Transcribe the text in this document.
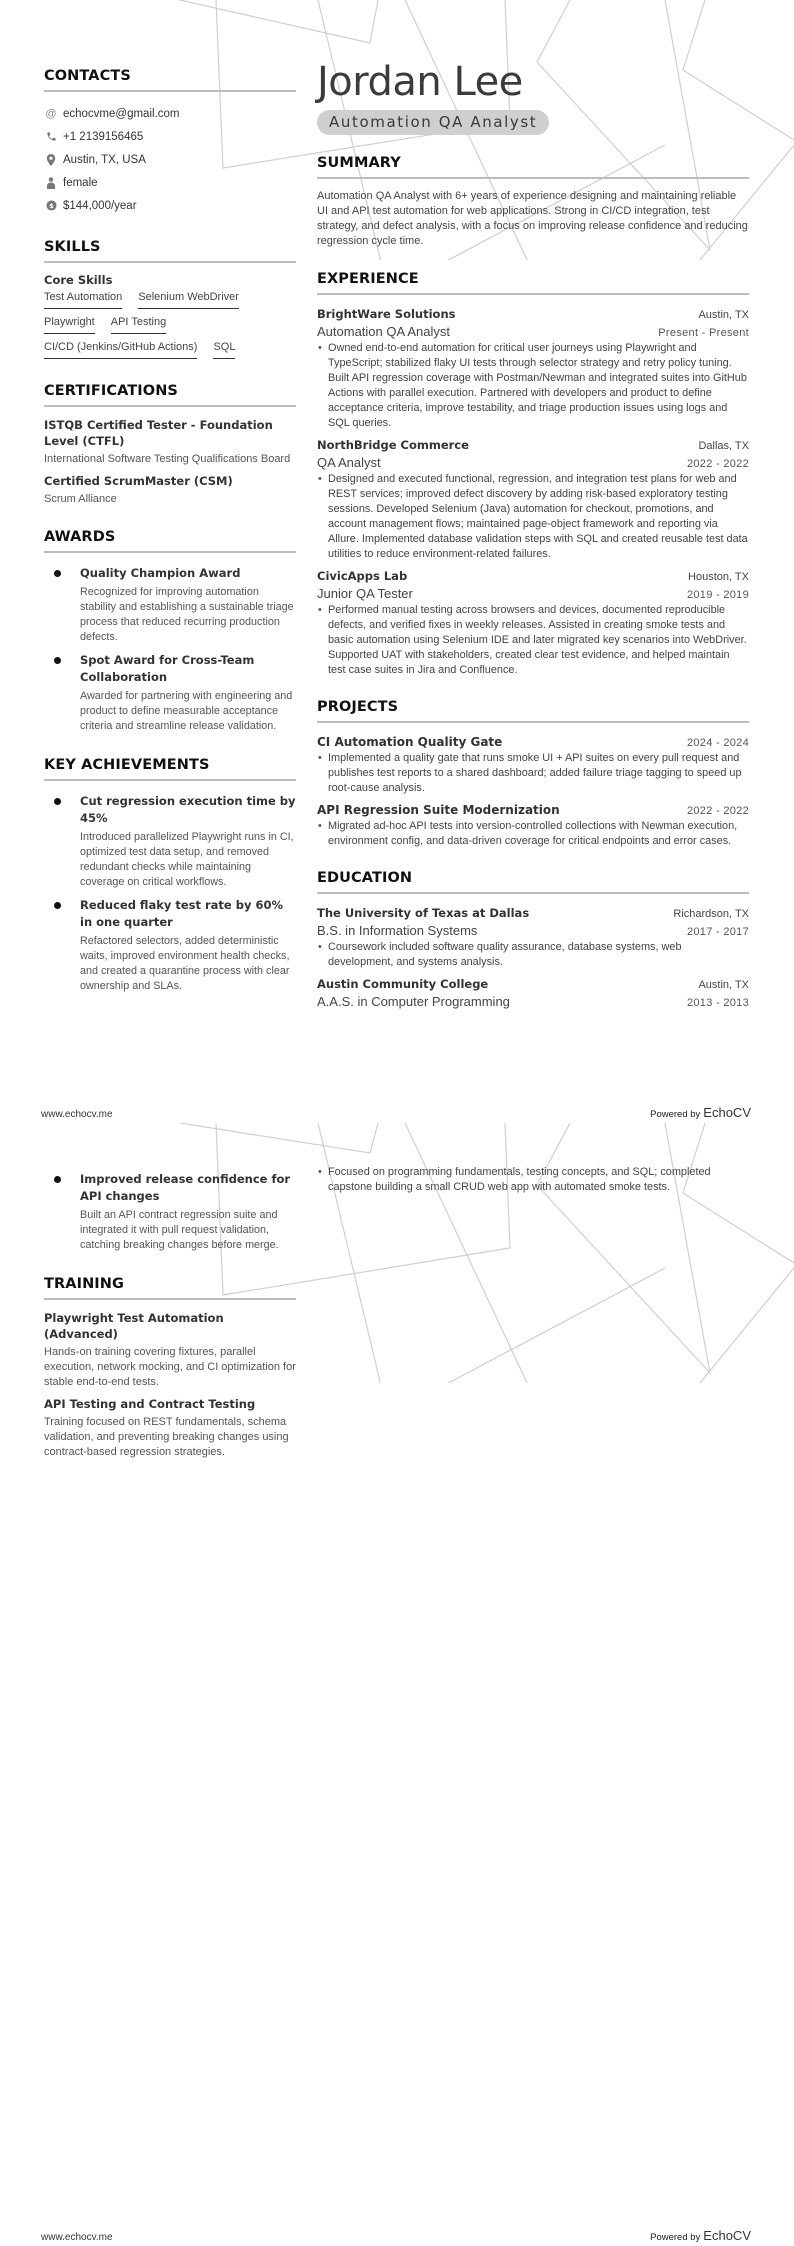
CONTACTS
@ echocvme@gmail.com
+1 2139156465
Austin, TX, USA
female
$ $144,000/year
SKILLS
Core Skills
Test Automation Selenium WebDriver
Playwright API Testing
CI/CD (Jenkins/GitHub Actions) SQL
CERTIFICATIONS
ISTQB Certified Tester - Foundation Level (CTFL)
International Software Testing Qualifications Board
Certified ScrumMaster (CSM)
Scrum Alliance
AWARDS
Quality Champion Award
Recognized for improving automation stability and establishing a sustainable triage process that reduced recurring production defects.
Spot Award for Cross-Team Collaboration
Awarded for partnering with engineering and product to define measurable acceptance criteria and streamline release validation.
KEY ACHIEVEMENTS
Cut regression execution time by 45%
Introduced parallelized Playwright runs in CI, optimized test data setup, and removed redundant checks while maintaining coverage on critical workflows.
Reduced flaky test rate by 60% in one quarter
Refactored selectors, added deterministic waits, improved environment health checks, and created a quarantine process with clear ownership and SLAs.
Jordan Lee
Automation QA Analyst
SUMMARY
Automation QA Analyst with 6+ years of experience designing and maintaining reliable UI and API test automation for web applications. Strong in CI/CD integration, test strategy, and defect analysis, with a focus on improving release confidence and reducing regression cycle time.
EXPERIENCE
BrightWare Solutions	Austin, TX
Automation QA Analyst	Present - Present
• Owned end-to-end automation for critical user journeys using Playwright and TypeScript; stabilized flaky UI tests through selector strategy and retry policy tuning. Built API regression coverage with Postman/Newman and integrated suites into GitHub Actions with parallel execution. Partnered with developers and product to define acceptance criteria, improve testability, and triage production issues using logs and SQL queries.
NorthBridge Commerce	Dallas, TX
QA Analyst	2022 - 2022
• Designed and executed functional, regression, and integration test plans for web and REST services; improved defect discovery by adding risk-based exploratory testing sessions. Developed Selenium (Java) automation for checkout, promotions, and account management flows; maintained page-object framework and reporting via Allure. Implemented database validation steps with SQL and created reusable test data utilities to reduce environment-related failures.
CivicApps Lab	Houston, TX
Junior QA Tester	2019 - 2019
• Performed manual testing across browsers and devices, documented reproducible defects, and verified fixes in weekly releases. Assisted in creating smoke tests and basic automation using Selenium IDE and later migrated key scenarios into WebDriver. Supported UAT with stakeholders, created clear test evidence, and helped maintain test case suites in Jira and Confluence.
PROJECTS
CI Automation Quality Gate	2024 - 2024
• Implemented a quality gate that runs smoke UI + API suites on every pull request and publishes test reports to a shared dashboard; added failure triage tagging to speed up root-cause analysis.
API Regression Suite Modernization	2022 - 2022
• Migrated ad-hoc API tests into version-controlled collections with Newman execution, environment config, and data-driven coverage for critical endpoints and error cases.
EDUCATION
The University of Texas at Dallas	Richardson, TX
B.S. in Information Systems	2017 - 2017
• Coursework included software quality assurance, database systems, web development, and systems analysis.
Austin Community College	Austin, TX
A.A.S. in Computer Programming	2013 - 2013
www.echocv.me	Powered by EchoCV
Improved release confidence for API changes
Built an API contract regression suite and integrated it with pull request validation, catching breaking changes before merge.
TRAINING
Playwright Test Automation (Advanced)
Hands-on training covering fixtures, parallel execution, network mocking, and CI optimization for stable end-to-end tests.
API Testing and Contract Testing
Training focused on REST fundamentals, schema validation, and preventing breaking changes using contract-based regression strategies.
• Focused on programming fundamentals, testing concepts, and SQL; completed capstone building a small CRUD web app with automated smoke tests.
www.echocv.me	Powered by EchoCV
